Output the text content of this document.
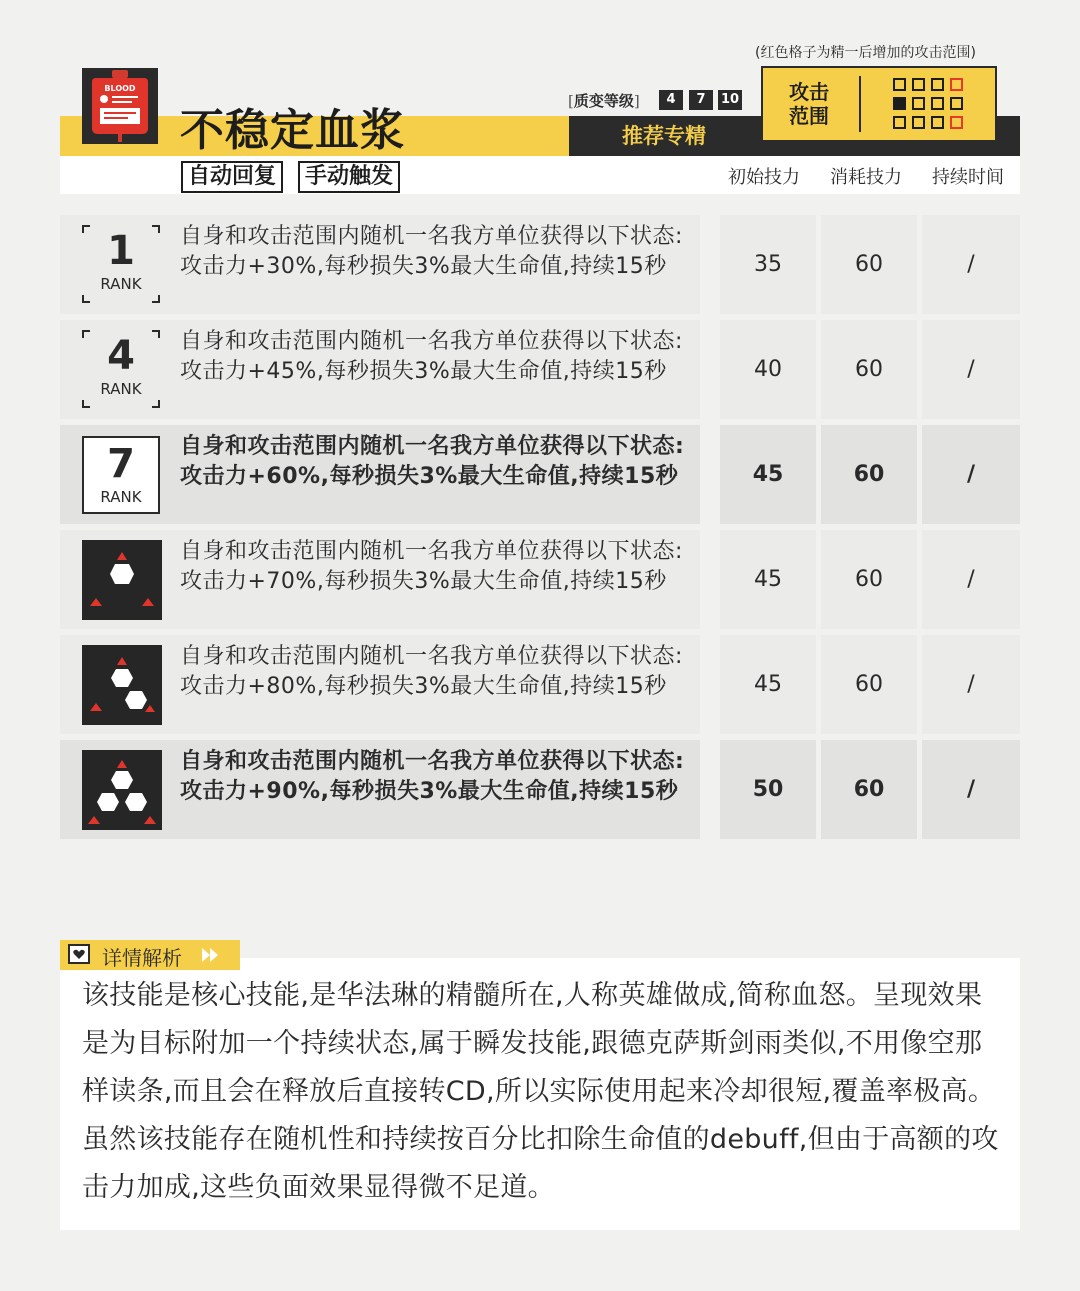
BLOOD
不稳定血浆
自动回复	手动触发
[质变等级]	4	7	10
推荐专精
(红色格子为精一后增加的攻击范围)
攻击
范围
初始技力 消耗技力 持续时间
1
RANK
自身和攻击范围内随机一名我方单位获得以下状态: 攻击力+30%,每秒损失3%最大生命值,持续15秒	35	60	/
4
RANK
自身和攻击范围内随机一名我方单位获得以下状态: 攻击力+45%,每秒损失3%最大生命值,持续15秒	40	60	/
7
RANK
自身和攻击范围内随机一名我方单位获得以下状态: 攻击力+60%,每秒损失3%最大生命值,持续15秒	45	60	/
自身和攻击范围内随机一名我方单位获得以下状态: 攻击力+70%,每秒损失3%最大生命值,持续15秒	45	60	/
自身和攻击范围内随机一名我方单位获得以下状态: 攻击力+80%,每秒损失3%最大生命值,持续15秒	45	60	/
自身和攻击范围内随机一名我方单位获得以下状态: 攻击力+90%,每秒损失3%最大生命值,持续15秒	50	60	/
详情解析
该技能是核心技能,是华法琳的精髓所在,人称英雄做成,简称血怒。呈现效果是为目标附加一个持续状态,属于瞬发技能,跟德克萨斯剑雨类似,不用像空那样读条,而且会在释放后直接转CD,所以实际使用起来冷却很短,覆盖率极高。虽然该技能存在随机性和持续按百分比扣除生命值的debuff,但由于高额的攻击力加成,这些负面效果显得微不足道。
